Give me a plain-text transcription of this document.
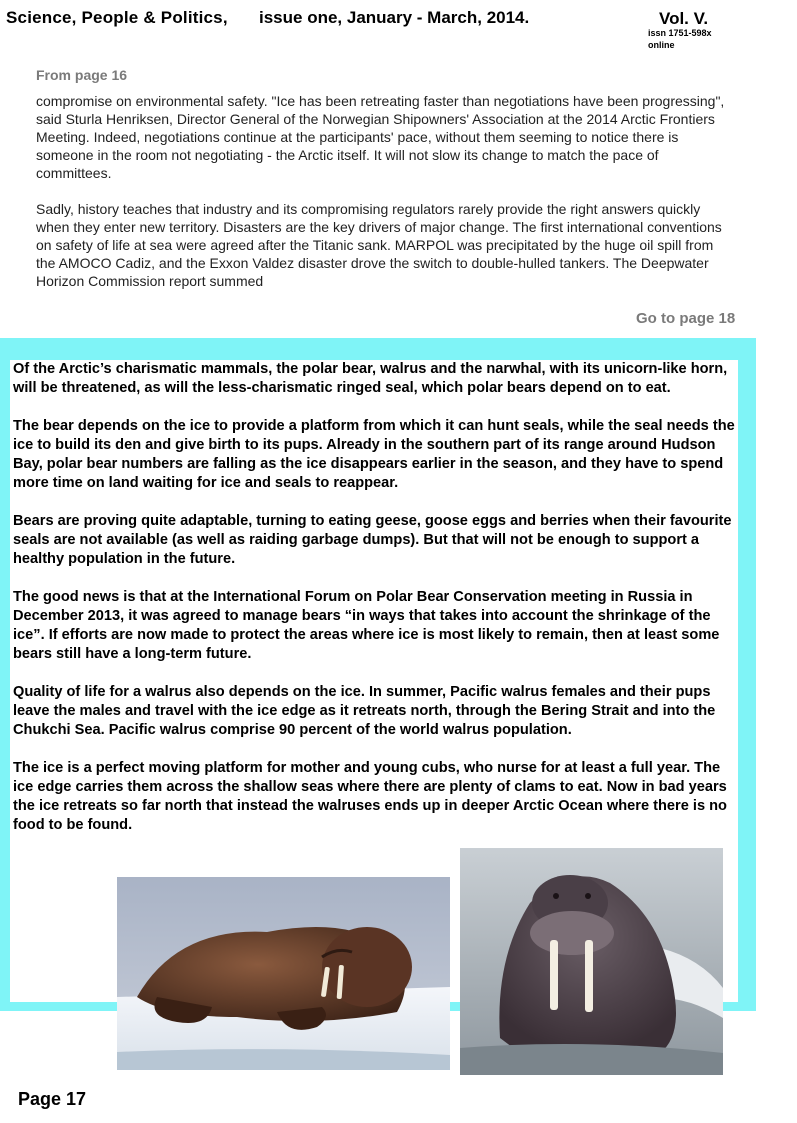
Science, People & Politics, issue one, January - March, 2014.	Vol. V.
issn 1751-598x
online
From page 16

compromise on environmental safety. "Ice has been retreating faster than negotiations have been progressing", said Sturla Henriksen, Director General of the Norwegian Shipowners' Association at the 2014 Arctic Frontiers Meeting. Indeed, negotiations continue at the participants' pace, without them seeming to notice there is someone in the room not negotiating - the Arctic itself. It will not slow its change to match the pace of committees.

Sadly, history teaches that industry and its compromising regulators rarely provide the right answers quickly when they enter new territory. Disasters are the key drivers of major change. The first international conventions on safety of life at sea were agreed after the Titanic sank. MARPOL was precipitated by the huge oil spill from the AMOCO Cadiz, and the Exxon Valdez disaster drove the switch to double-hulled tankers. The Deepwater Horizon Commission report summed

Go to page 18

Of the Arctic’s charismatic mammals, the polar bear, walrus and the narwhal, with its unicorn-like horn, will be threatened, as will the less-charismatic ringed seal, which polar bears depend on to eat.

The bear depends on the ice to provide a platform from which it can hunt seals, while the seal needs the ice to build its den and give birth to its pups. Already in the southern part of its range around Hudson Bay, polar bear numbers are falling as the ice disappears earlier in the season, and they have to spend more time on land waiting for ice and seals to reappear.

Bears are proving quite adaptable, turning to eating geese, goose eggs and berries when their favourite seals are not available (as well as raiding garbage dumps). But that will not be enough to support a healthy population in the future.

The good news is that at the International Forum on Polar Bear Conservation meeting in Russia in December 2013, it was agreed to manage bears “in ways that takes into account the shrinkage of the ice”. If efforts are now made to protect the areas where ice is most likely to remain, then at least some bears still have a long-term future.

Quality of life for a walrus also depends on the ice. In summer, Pacific walrus females and their pups leave the males and travel with the ice edge as it retreats north, through the Bering Strait and into the Chukchi Sea. Pacific walrus comprise 90 percent of the world walrus population.

The ice is a perfect moving platform for mother and young cubs, who nurse for at least a full year. The ice edge carries them across the shallow seas where there are plenty of clams to eat. Now in bad years the ice retreats so far north that instead the walruses ends up in deeper Arctic Ocean where there is no food to be found.

Page 17
